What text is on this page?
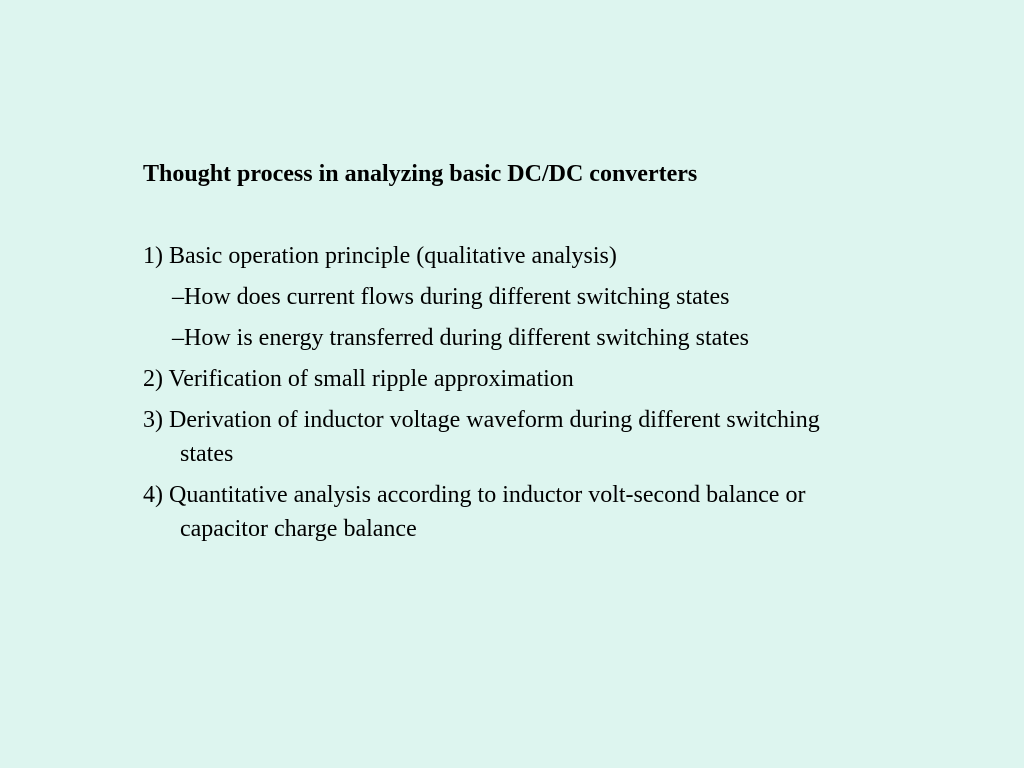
Thought process in analyzing basic DC/DC converters
1) Basic operation principle (qualitative analysis)
–How does current flows during different switching states
–How is energy transferred during different switching states
2) Verification of small ripple approximation
3) Derivation of inductor voltage waveform during different switching
states
4) Quantitative analysis according to inductor volt-second balance or
capacitor charge balance
